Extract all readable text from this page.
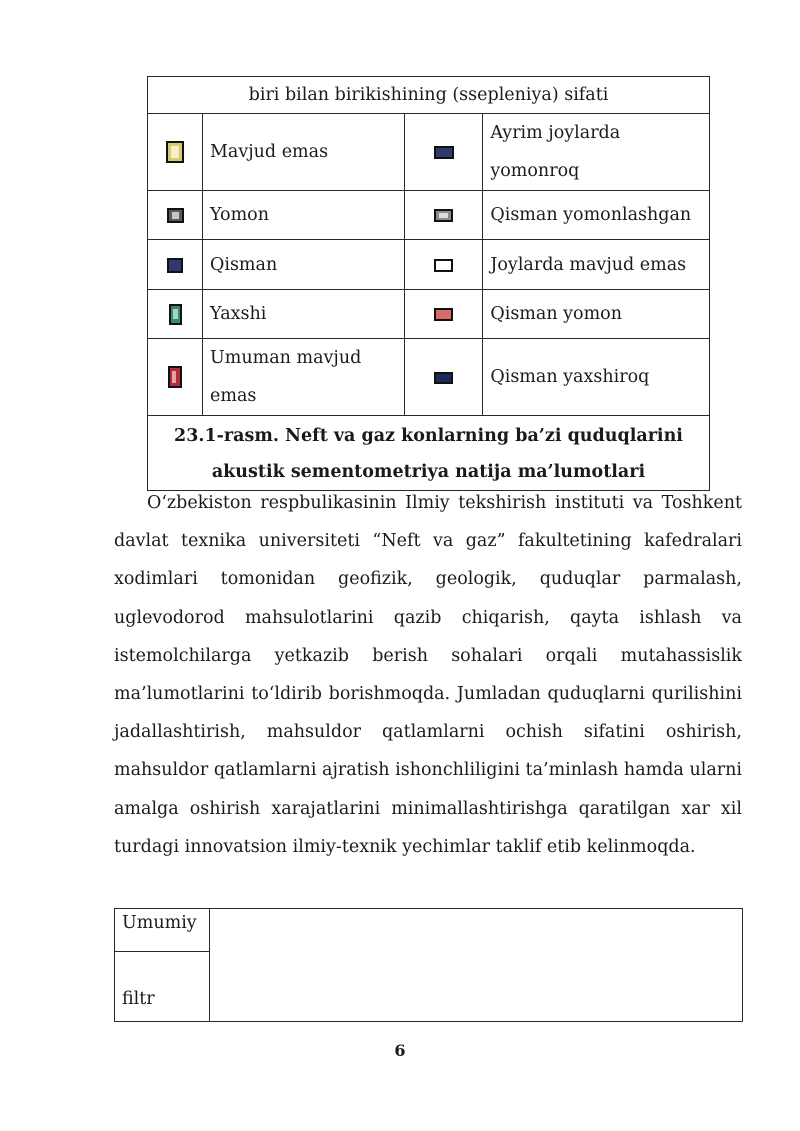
biri bilan birikishining (ssepleniya) sifati			

	Mavjud emas		Ayrim joylarda yomonroq

	Yomon		Qisman yomonlashgan
	Qisman		Joylarda mavjud emas

	Yaxshi		Qisman yomon

	Umuman mavjud emas		Qisman yaxshiroq

23.1-rasm. Neft va gaz konlarning ba’zi quduqlarini
akustik sementometriya natija ma’lumotlari			

O‘zbekiston respbulikasinin Ilmiy tekshirish instituti va Toshkent davlat texnika universiteti “Neft va gaz” fakultetining kafedralari xodimlari tomonidan geofizik, geologik, quduqlar parmalash, uglevodorod mahsulotlarini qazib chiqarish, qayta ishlash va istemolchilarga yetkazib berish sohalari orqali mutahassislik ma’lumotlarini to‘ldirib borishmoqda. Jumladan quduqlarni qurilishini jadallashtirish, mahsuldor qatlamlarni ochish sifatini oshirish, mahsuldor qatlamlarni ajratish ishonchliligini ta’minlash hamda ularni amalga oshirish xarajatlarini minimallashtirishga qaratilgan xar xil turdagi innovatsion ilmiy-texnik yechimlar taklif etib kelinmoqda.

Umumiy	
filtr
6
